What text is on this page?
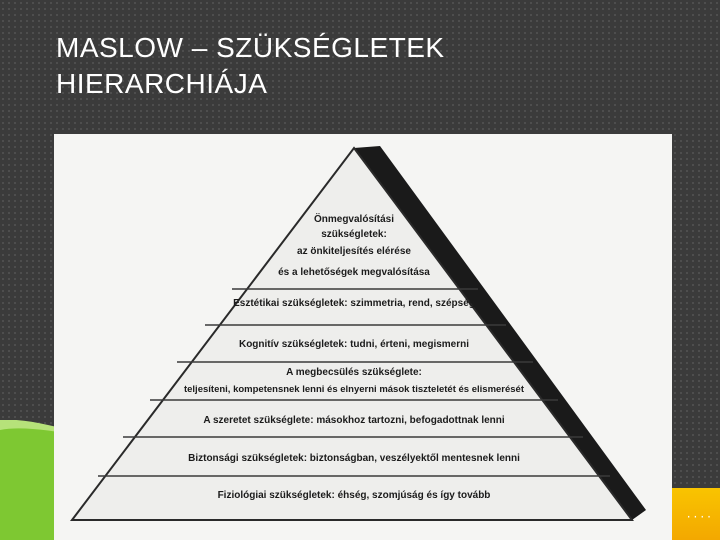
MASLOW – SZÜKSÉGLETEK
HIERARCHIÁJA
····
Önmegvalósítási
szükségletek:
az önkiteljesítés elérése
és a lehetőségek megvalósítása
Esztétikai szükségletek: szimmetria, rend, szépség
Kognitív szükségletek: tudni, érteni, megismerni
A megbecsülés szükséglete:
teljesíteni, kompetensnek lenni és elnyerni mások tiszteletét és elismerését
A szeretet szükséglete: másokhoz tartozni, befogadottnak lenni
Biztonsági szükségletek: biztonságban, veszélyektől mentesnek lenni
Fiziológiai szükségletek: éhség, szomjúság és így tovább
